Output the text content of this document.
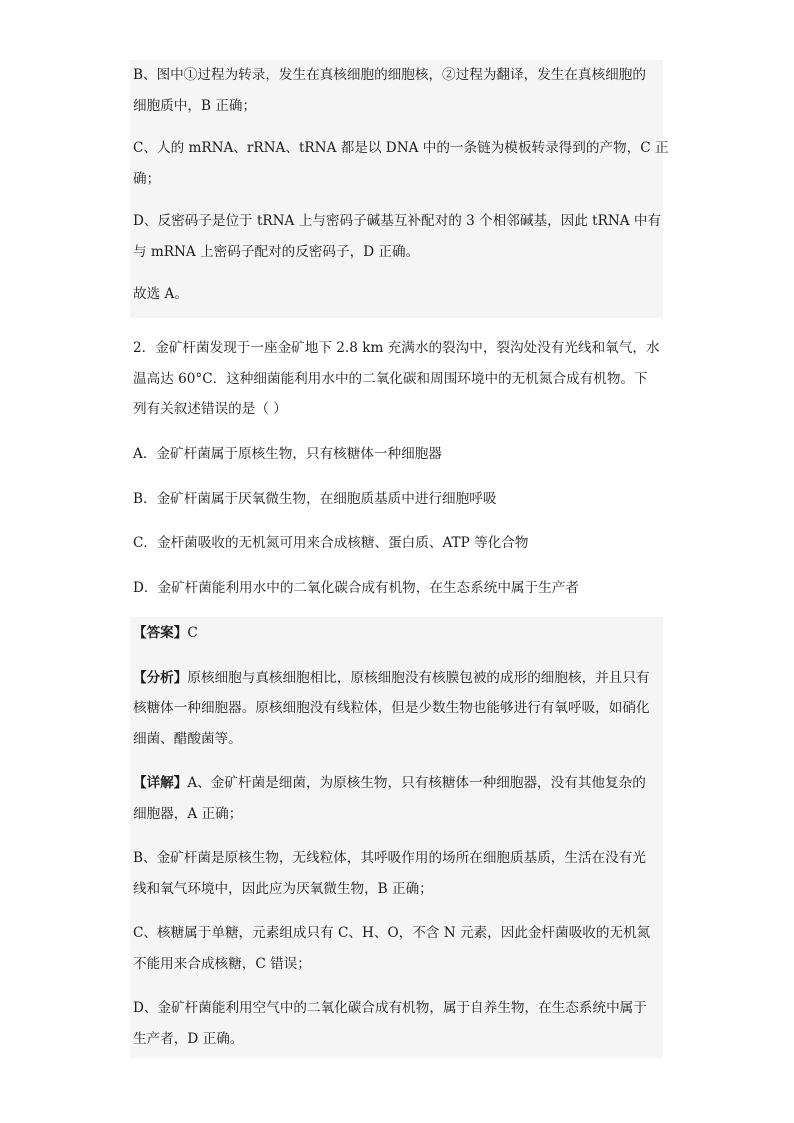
B、图中①过程为转录，发生在真核细胞的细胞核，②过程为翻译，发生在真核细胞的
细胞质中，B 正确；
C、人的 mRNA、rRNA、tRNA 都是以 DNA 中的一条链为模板转录得到的产物，C 正
确；
D、反密码子是位于 tRNA 上与密码子碱基互补配对的 3 个相邻碱基，因此 tRNA 中有
与 mRNA 上密码子配对的反密码子，D 正确。
故选 A。
2．金矿杆菌发现于一座金矿地下 2.8 km 充满水的裂沟中，裂沟处没有光线和氧气，水
温高达 60°C．这种细菌能利用水中的二氧化碳和周围环境中的无机氮合成有机物。下
列有关叙述错误的是（ ）
A．金矿杆菌属于原核生物，只有核糖体一种细胞器
B．金矿杆菌属于厌氧微生物，在细胞质基质中进行细胞呼吸
C．金杆菌吸收的无机氮可用来合成核糖、蛋白质、ATP 等化合物
D．金矿杆菌能利用水中的二氧化碳合成有机物，在生态系统中属于生产者
【答案】C
【分析】原核细胞与真核细胞相比，原核细胞没有核膜包被的成形的细胞核，并且只有
核糖体一种细胞器。原核细胞没有线粒体，但是少数生物也能够进行有氧呼吸，如硝化
细菌、醋酸菌等。
【详解】A、金矿杆菌是细菌，为原核生物，只有核糖体一种细胞器，没有其他复杂的
细胞器，A 正确；
B、金矿杆菌是原核生物，无线粒体，其呼吸作用的场所在细胞质基质，生活在没有光
线和氧气环境中，因此应为厌氧微生物，B 正确；
C、核糖属于单糖，元素组成只有 C、H、O，不含 N 元素，因此金杆菌吸收的无机氮
不能用来合成核糖，C 错误；
D、金矿杆菌能利用空气中的二氧化碳合成有机物，属于自养生物，在生态系统中属于
生产者，D 正确。
